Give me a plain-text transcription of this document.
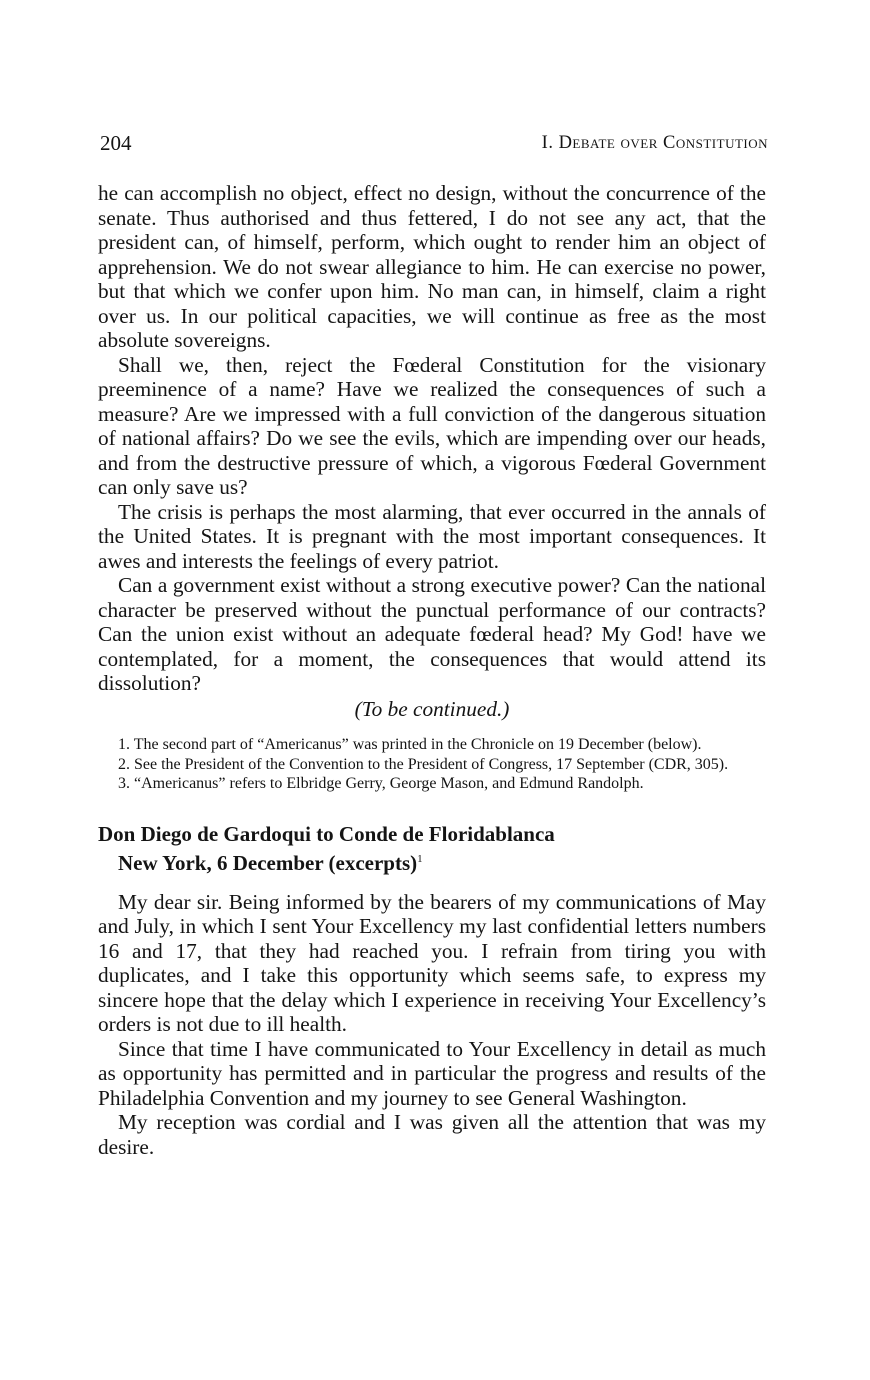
204	I. Debate over Constitution

he can accomplish no object, effect no design, without the concurrence of the senate. Thus authorised and thus fettered, I do not see any act, that the president can, of himself, perform, which ought to render him an object of apprehension. We do not swear allegiance to him. He can exercise no power, but that which we confer upon him. No man can, in himself, claim a right over us. In our political capacities, we will continue as free as the most absolute sovereigns.

Shall we, then, reject the Fœderal Constitution for the visionary preeminence of a name? Have we realized the consequences of such a measure? Are we impressed with a full conviction of the dangerous situation of national affairs? Do we see the evils, which are impending over our heads, and from the destructive pressure of which, a vigorous Fœderal Government can only save us?

The crisis is perhaps the most alarming, that ever occurred in the annals of the United States. It is pregnant with the most important consequences. It awes and interests the feelings of every patriot.

Can a government exist without a strong executive power? Can the national character be preserved without the punctual performance of our contracts? Can the union exist without an adequate fœderal head? My God! have we contemplated, for a moment, the consequences that would attend its dissolution?

(To be continued.)

1. The second part of “Americanus” was printed in the Chronicle on 19 December (below).

2. See the President of the Convention to the President of Congress, 17 September (CDR, 305).

3. “Americanus” refers to Elbridge Gerry, George Mason, and Edmund Randolph.

Don Diego de Gardoqui to Conde de Floridablanca
New York, 6 December (excerpts)$^1$

My dear sir. Being informed by the bearers of my communications of May and July, in which I sent Your Excellency my last confidential letters numbers 16 and 17, that they had reached you. I refrain from tiring you with duplicates, and I take this opportunity which seems safe, to express my sincere hope that the delay which I experience in receiving Your Excellency’s orders is not due to ill health.

Since that time I have communicated to Your Excellency in detail as much as opportunity has permitted and in particular the progress and results of the Philadelphia Convention and my journey to see General Washington.

My reception was cordial and I was given all the attention that was my desire.
